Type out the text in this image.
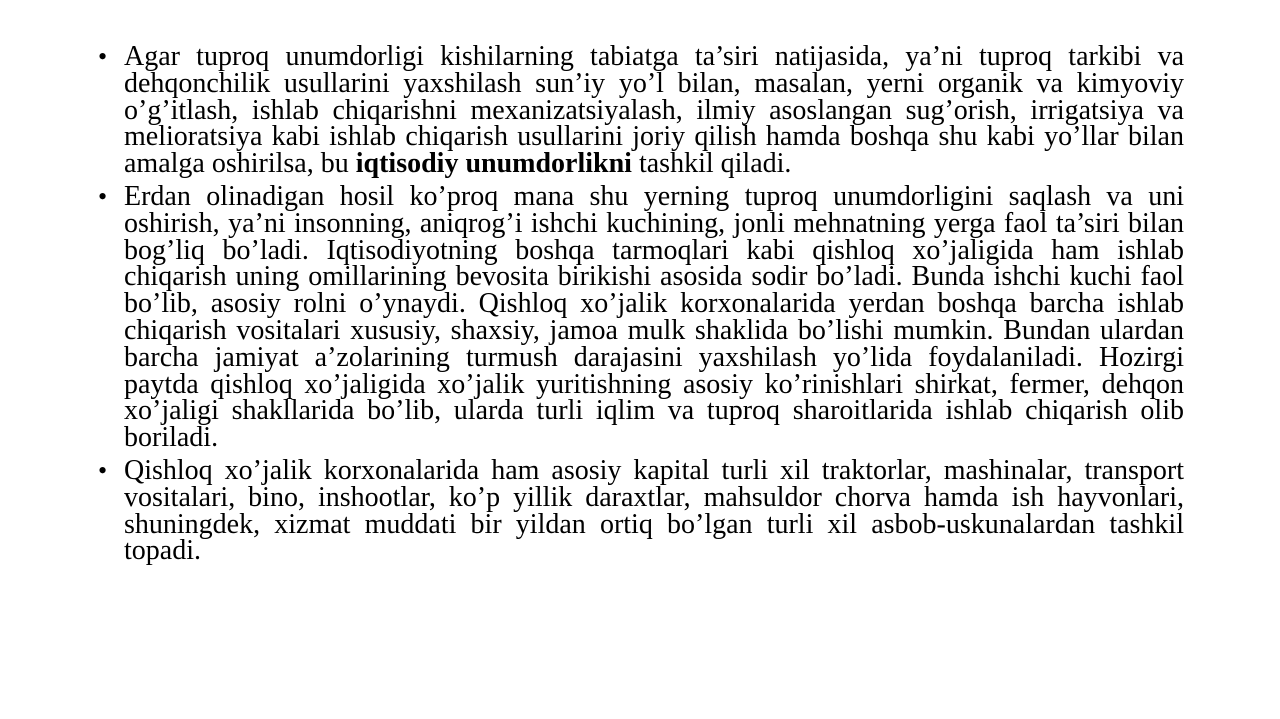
• Agar tuproq unumdorligi kishilarning tabiatga ta’siri natijasida, ya’ni tuproq tarkibi va dehqonchilik usullarini yaxshilash sun’iy yo’l bilan, masalan, yerni organik va kimyoviy o’g’itlash, ishlab chiqarishni mexanizatsiyalash, ilmiy asoslangan sug’orish, irrigatsiya va melioratsiya kabi ishlab chiqarish usullarini joriy qilish hamda boshqa shu kabi yo’llar bilan amalga oshirilsa, bu iqtisodiy unumdorlikni tashkil qiladi.
• Erdan olinadigan hosil ko’proq mana shu yerning tuproq unumdorligini saqlash va uni oshirish, ya’ni insonning, aniqrog’i ishchi kuchining, jonli mehnatning yerga faol ta’siri bilan bog’liq bo’ladi. Iqtisodiyotning boshqa tarmoqlari kabi qishloq xo’jaligida ham ishlab chiqarish uning omillarining bevosita birikishi asosida sodir bo’ladi. Bunda ishchi kuchi faol bo’lib, asosiy rolni o’ynaydi. Qishloq xo’jalik korxonalarida yerdan boshqa barcha ishlab chiqarish vositalari xususiy, shaxsiy, jamoa mulk shaklida bo’lishi mumkin. Bundan ulardan barcha jamiyat a’zolarining turmush darajasini yaxshilash yo’lida foydalaniladi. Hozirgi paytda qishloq xo’jaligida xo’jalik yuritishning asosiy ko’rinishlari shirkat, fermer, dehqon xo’jaligi shakllarida bo’lib, ularda turli iqlim va tuproq sharoitlarida ishlab chiqarish olib boriladi.
• Qishloq xo’jalik korxonalarida ham asosiy kapital turli xil traktorlar, mashinalar, transport vositalari, bino, inshootlar, ko’p yillik daraxtlar, mahsuldor chorva hamda ish hayvonlari, shuningdek, xizmat muddati bir yildan ortiq bo’lgan turli xil asbob-uskunalardan tashkil topadi.
